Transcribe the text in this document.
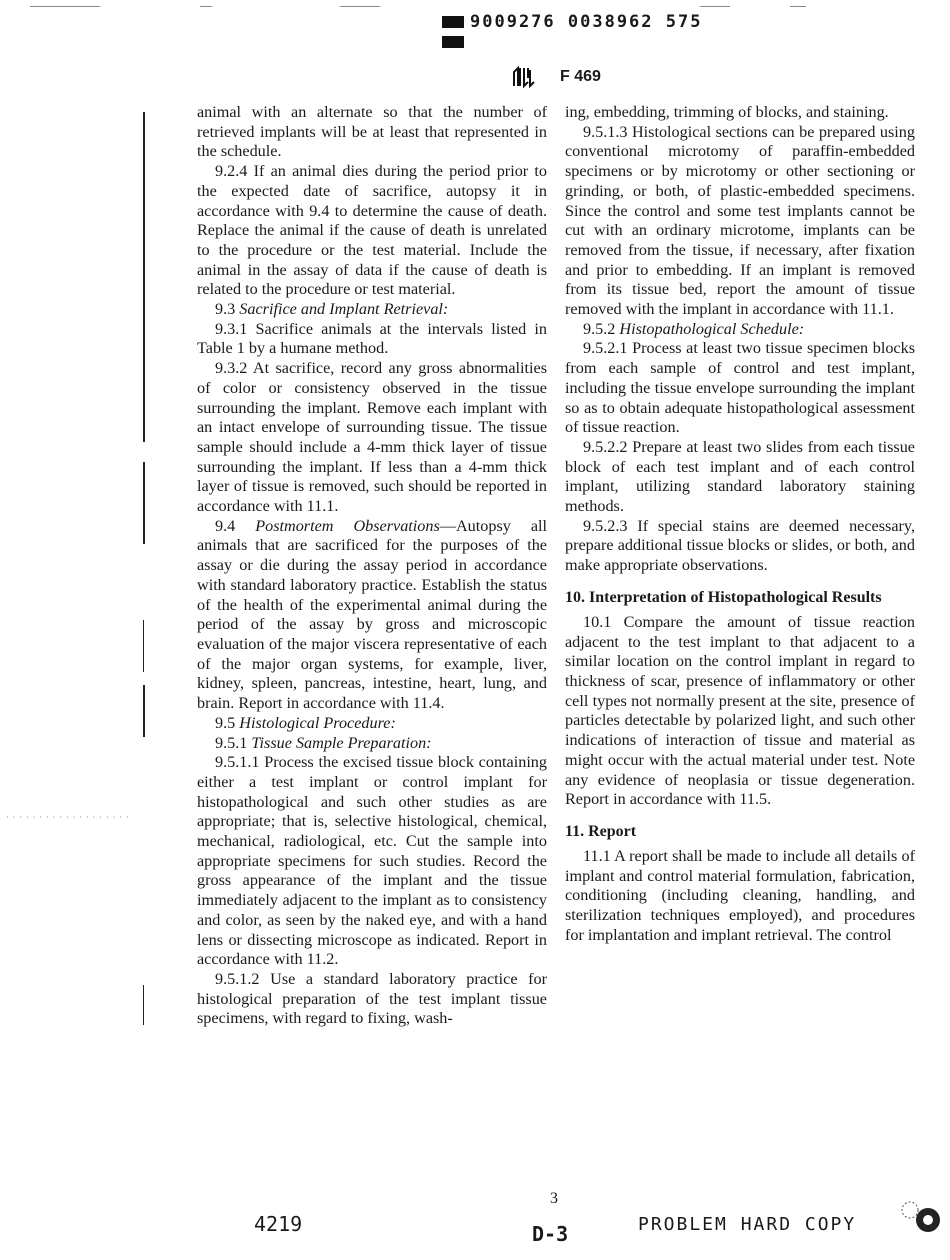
9009276 0038962 575
F 469
· · · · · · · · · · · · · · · · · · ·

animal with an alternate so that the number of retrieved implants will be at least that represented in the schedule.

9.2.4 If an animal dies during the period prior to the expected date of sacrifice, autopsy it in accordance with 9.4 to determine the cause of death. Replace the animal if the cause of death is unrelated to the procedure or the test material. Include the animal in the assay of data if the cause of death is related to the procedure or test material.

9.3 Sacrifice and Implant Retrieval:

9.3.1 Sacrifice animals at the intervals listed in Table 1 by a humane method.

9.3.2 At sacrifice, record any gross abnormalities of color or consistency observed in the tissue surrounding the implant. Remove each implant with an intact envelope of surrounding tissue. The tissue sample should include a 4-mm thick layer of tissue surrounding the implant. If less than a 4-mm thick layer of tissue is removed, such should be reported in accordance with 11.1.

9.4 Postmortem Observations—Autopsy all animals that are sacrificed for the purposes of the assay or die during the assay period in accordance with standard laboratory practice. Establish the status of the health of the experimental animal during the period of the assay by gross and microscopic evaluation of the major viscera representative of each of the major organ systems, for example, liver, kidney, spleen, pancreas, intestine, heart, lung, and brain. Report in accordance with 11.4.

9.5 Histological Procedure:

9.5.1 Tissue Sample Preparation:

9.5.1.1 Process the excised tissue block containing either a test implant or control implant for histopathological and such other studies as are appropriate; that is, selective histological, chemical, mechanical, radiological, etc. Cut the sample into appropriate specimens for such studies. Record the gross appearance of the implant and the tissue immediately adjacent to the implant as to consistency and color, as seen by the naked eye, and with a hand lens or dissecting microscope as indicated. Report in accordance with 11.2.

9.5.1.2 Use a standard laboratory practice for histological preparation of the test implant tissue specimens, with regard to fixing, wash-

ing, embedding, trimming of blocks, and staining.

9.5.1.3 Histological sections can be prepared using conventional microtomy of paraffin-embedded specimens or by microtomy or other sectioning or grinding, or both, of plastic-embedded specimens. Since the control and some test implants cannot be cut with an ordinary microtome, implants can be removed from the tissue, if necessary, after fixation and prior to embedding. If an implant is removed from its tissue bed, report the amount of tissue removed with the implant in accordance with 11.1.

9.5.2 Histopathological Schedule:

9.5.2.1 Process at least two tissue specimen blocks from each sample of control and test implant, including the tissue envelope surrounding the implant so as to obtain adequate histopathological assessment of tissue reaction.

9.5.2.2 Prepare at least two slides from each tissue block of each test implant and of each control implant, utilizing standard laboratory staining methods.

9.5.2.3 If special stains are deemed necessary, prepare additional tissue blocks or slides, or both, and make appropriate observations.

10. Interpretation of Histopathological Results

10.1 Compare the amount of tissue reaction adjacent to the test implant to that adjacent to a similar location on the control implant in regard to thickness of scar, presence of inflammatory or other cell types not normally present at the site, presence of particles detectable by polarized light, and such other indications of interaction of tissue and material as might occur with the actual material under test. Note any evidence of neoplasia or tissue degeneration. Report in accordance with 11.5.

11. Report

11.1 A report shall be made to include all details of implant and control material formulation, fabrication, conditioning (including cleaning, handling, and sterilization techniques employed), and procedures for implantation and implant retrieval. The control

4219
3
D-3	PROBLEM HARD COPY
